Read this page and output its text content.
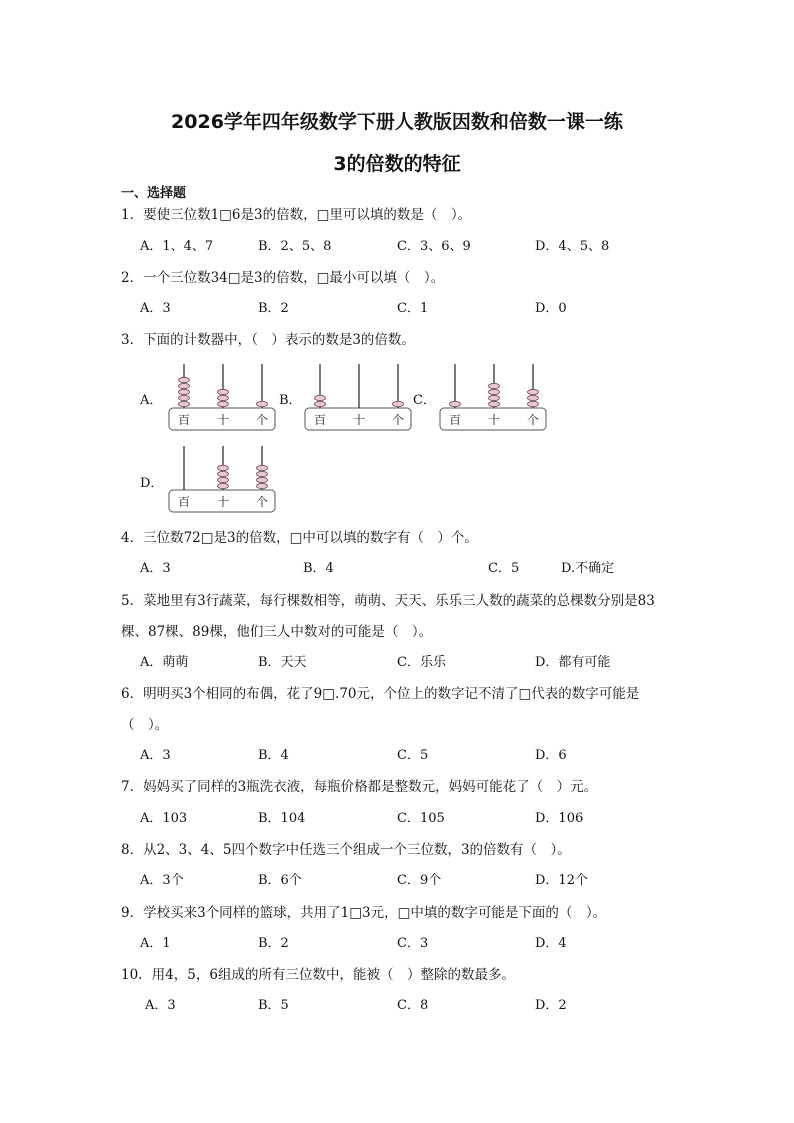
2026学年四年级数学下册人教版因数和倍数一课一练
3的倍数的特征
一、选择题
1．要使三位数1□6是3的倍数，□里可以填的数是（　）。
A．1、4、7	B．2、5、8	C．3、6、9	D．4、5、8
2．一个三位数34□是3的倍数，□最小可以填（　）。
A．3	B．2	C．1	D．0
3．下面的计数器中，（　）表示的数是3的倍数。
A．	B．	C．
D．
百 十 个	百 十 个	百 十 个
百 十 个
4．三位数72□是3的倍数，□中可以填的数字有（　）个。
A．3	B．4	C．5	D.不确定
5．菜地里有3行蔬菜，每行棵数相等，萌萌、天天、乐乐三人数的蔬菜的总棵数分别是83
棵、87棵、89棵，他们三人中数对的可能是（　）。
A．萌萌	B．天天	C．乐乐	D．都有可能
6．明明买3个相同的布偶，花了9□.70元，个位上的数字记不清了□代表的数字可能是
（　）。
A．3	B．4	C．5	D．6
7．妈妈买了同样的3瓶洗衣液，每瓶价格都是整数元，妈妈可能花了（　）元。
A．103	B．104	C．105	D．106
8．从2、3、4、5四个数字中任选三个组成一个三位数，3的倍数有（　）。
A．3个	B．6个	C．9个	D．12个
9．学校买来3个同样的篮球，共用了1□3元，□中填的数字可能是下面的（　）。
A．1	B．2	C．3	D．4
10．用4，5，6组成的所有三位数中，能被（　）整除的数最多。
A．3	B．5	C．8	D．2
